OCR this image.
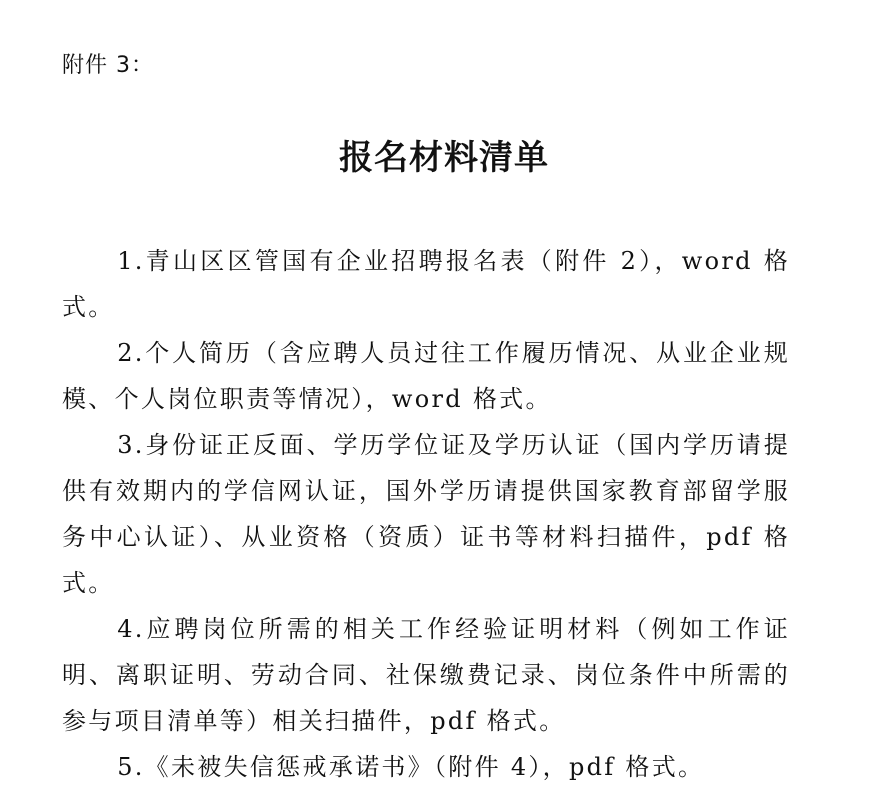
附件 3：
报名材料清单

1.青山区区管国有企业招聘报名表（附件 2），word 格式。

2.个人简历（含应聘人员过往工作履历情况、从业企业规模、个人岗位职责等情况），word 格式。

3.身份证正反面、学历学位证及学历认证（国内学历请提供有效期内的学信网认证，国外学历请提供国家教育部留学服务中心认证）、从业资格（资质）证书等材料扫描件，pdf 格式。

4.应聘岗位所需的相关工作经验证明材料（例如工作证明、离职证明、劳动合同、社保缴费记录、岗位条件中所需的参与项目清单等）相关扫描件，pdf 格式。

5.《未被失信惩戒承诺书》（附件 4），pdf 格式。
